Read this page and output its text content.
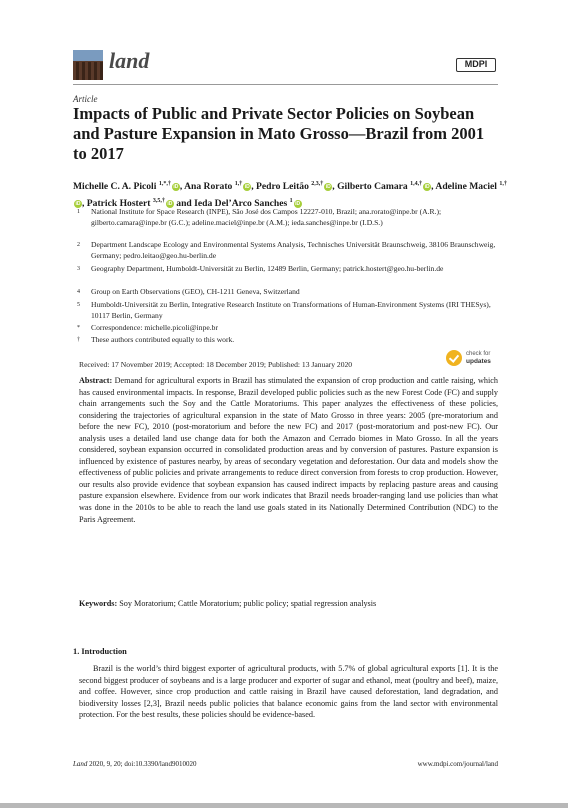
land	MDPI
Article
Impacts of Public and Private Sector Policies on Soybean and Pasture Expansion in Mato Grosso—Brazil from 2001 to 2017
Michelle C. A. Picoli $^{1,*,\dagger}$iD , Ana Rorato $^{1,\dagger}$iD , Pedro Leitão $^{2,3,\dagger}$iD , Gilberto Camara $^{1,4,\dagger}$iD , Adeline Maciel $^{1,\dagger}$iD , Patrick Hostert $^{3,5,\dagger}$iD and Ieda Del’Arco Sanches $^1$iD
1 National Institute for Space Research (INPE), São José dos Campos 12227-010, Brazil; ana.rorato@inpe.br (A.R.); gilberto.camara@inpe.br (G.C.); adeline.maciel@inpe.br (A.M.); ieda.sanches@inpe.br (I.D.S.)
2 Department Landscape Ecology and Environmental Systems Analysis, Technisches Universität Braunschweig, 38106 Braunschweig, Germany; pedro.leitao@geo.hu-berlin.de
3 Geography Department, Humboldt-Universität zu Berlin, 12489 Berlin, Germany; patrick.hostert@geo.hu-berlin.de
4 Group on Earth Observations (GEO), CH-1211 Geneva, Switzerland
5 Humboldt-Universität zu Berlin, Integrative Research Institute on Transformations of Human-Environment Systems (IRI THESys), 10117 Berlin, Germany
* Correspondence: michelle.picoli@inpe.br
† These authors contributed equally to this work.
Received: 17 November 2019; Accepted: 18 December 2019; Published: 13 January 2020
check for
updates
Abstract: Demand for agricultural exports in Brazil has stimulated the expansion of crop production and cattle raising, which has caused environmental impacts. In response, Brazil developed public policies such as the new Forest Code (FC) and supply chain arrangements such the Soy and the Cattle Moratoriums. This paper analyzes the effectiveness of these policies, considering the trajectories of agricultural expansion in the state of Mato Grosso in three years: 2005 (pre-moratorium and before the new FC), 2010 (post-moratorium and before the new FC) and 2017 (post-moratorium and post-new FC). Our analysis uses a detailed land use change data for both the Amazon and Cerrado biomes in Mato Grosso. In all the years considered, soybean expansion occurred in consolidated production areas and by conversion of pastures. Pasture expansion is influenced by existence of pastures nearby, by areas of secondary vegetation and deforestation. Our data and models show the effectiveness of public policies and private arrangements to reduce direct conversion from forests to crop production. However, our results also provide evidence that soybean expansion has caused indirect impacts by replacing pasture areas and causing pasture expansion elsewhere. Evidence from our work indicates that Brazil needs broader-ranging land use policies than what was done in the 2010s to be able to reach the land use goals stated in its Nationally Determined Contribution (NDC) to the Paris Agreement.
Keywords: Soy Moratorium; Cattle Moratorium; public policy; spatial regression analysis
1. Introduction
Brazil is the world’s third biggest exporter of agricultural products, with 5.7% of global agricultural exports [1]. It is the second biggest producer of soybeans and is a large producer and exporter of sugar and ethanol, meat (poultry and beef), maize, and coffee. However, since crop production and cattle raising in Brazil have caused deforestation, land degradation, and biodiversity losses [2,3], Brazil needs public policies that balance economic gains from the land sector with environmental protection. For the best results, these policies should be evidence-based.
Land 2020, 9, 20; doi:10.3390/land9010020	www.mdpi.com/journal/land
